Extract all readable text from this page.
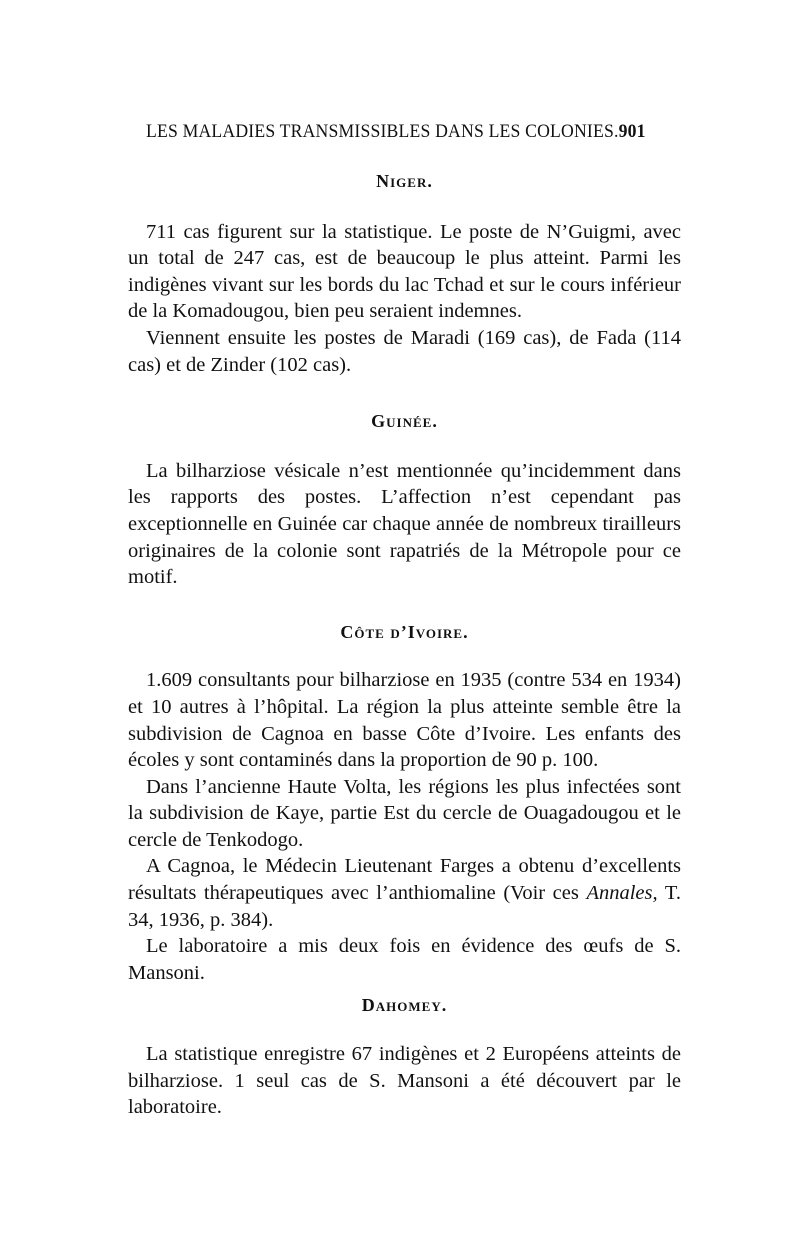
LES MALADIES TRANSMISSIBLES DANS LES COLONIES. 901
Niger.

711 cas figurent sur la statistique. Le poste de N’Guigmi, avec un total de 247 cas, est de beaucoup le plus atteint. Parmi les indigènes vivant sur les bords du lac Tchad et sur le cours inférieur de la Komadougou, bien peu seraient indemnes.

Viennent ensuite les postes de Maradi (169 cas), de Fada (114 cas) et de Zinder (102 cas).

Guinée.

La bilharziose vésicale n’est mentionnée qu’incidemment dans les rapports des postes. L’affection n’est cependant pas exceptionnelle en Guinée car chaque année de nombreux tirailleurs originaires de la colonie sont rapatriés de la Métropole pour ce motif.

Côte d’Ivoire.

1.609 consultants pour bilharziose en 1935 (contre 534 en 1934) et 10 autres à l’hôpital. La région la plus atteinte semble être la subdivision de Cagnoa en basse Côte d’Ivoire. Les enfants des écoles y sont contaminés dans la proportion de 90 p. 100.

Dans l’ancienne Haute Volta, les régions les plus infectées sont la subdivision de Kaye, partie Est du cercle de Ouagadougou et le cercle de Tenkodogo.

A Cagnoa, le Médecin Lieutenant Farges a obtenu d’excellents résultats thérapeutiques avec l’anthiomaline (Voir ces Annales, T. 34, 1936, p. 384).

Le laboratoire a mis deux fois en évidence des œufs de S. Mansoni.

Dahomey.

La statistique enregistre 67 indigènes et 2 Européens atteints de bilharziose. 1 seul cas de S. Mansoni a été découvert par le laboratoire.
